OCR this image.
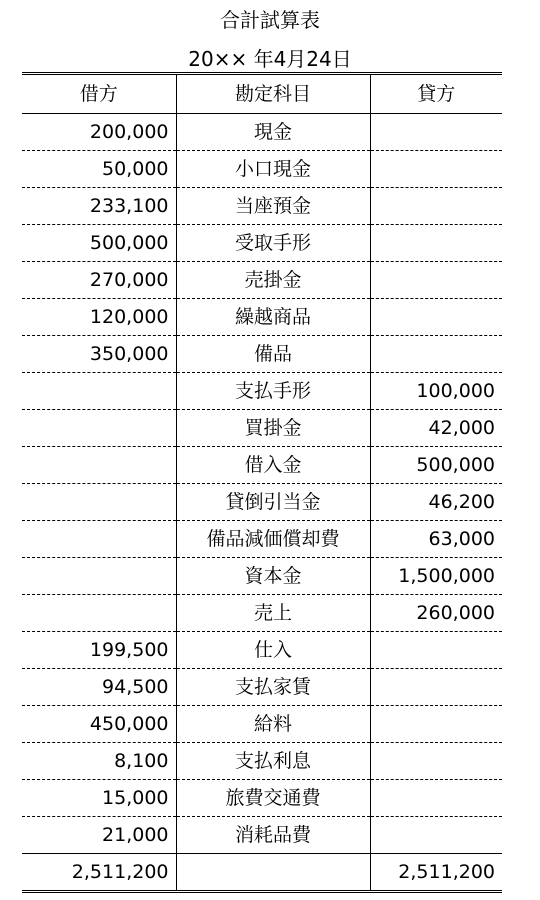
合計試算表
20×× 年4月24日
借方	勘定科目	貸方
200,000	現金	
50,000	小口現金	
233,100	当座預金	
500,000	受取手形	
270,000	売掛金	
120,000	繰越商品	
350,000	備品	
	支払手形	100,000
	買掛金	42,000
	借入金	500,000
	貸倒引当金	46,200
	備品減価償却費	63,000
	資本金	1,500,000
	売上	260,000
199,500	仕入	
94,500	支払家賃	
450,000	給料	
8,100	支払利息	
15,000	旅費交通費	
21,000	消耗品費	
2,511,200		2,511,200
